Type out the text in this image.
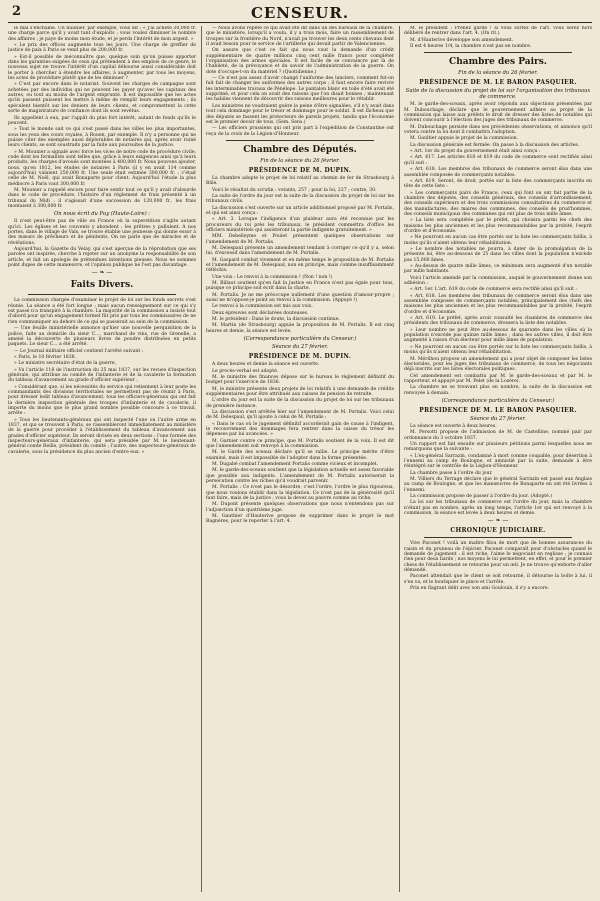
2	CENSEUR.

le mal s'enchaîne. Un huissier, par exemple, vous dit : « J'ai acheté 30,000 fr. une charge parce qu'il y avait tant d'exploits ; vous voulez diminuer le nombre des affaires ; je paye de moins mon étude, et je perds l'intérêt de mon argent. »

« Le prix des offices augmente tous les jours. Une charge de greffier de justice de paix à Paris se vend plus de 200,000 fr.

» Est-il possible de méconnaître que, quelque soin qu'on puisse apporter dans les garanties exigées de ceux qui prétendent à des emplois de ce genre, le nouveau sujet ne trouve l'intérêt d'un capital débourse aussi considérable doit le porter à chercher à étendre les affaires, à augmenter, par tous les moyens, les actes de procédure plutôt que de les diminuer ?

» C'est par encore dans le notariat. Souvent les charges de campagne sont achetées par des individus qui ne peuvent les payer qu'avec les capitaux des autres, ou tout au moins de l'argent emprunté. Il est impossible que les actes qu'ils passent puissent les mettre à même de remplir leurs engagements ; ils spéculent bientôt sur les deniers de leurs clients, et compromettent la cette sorte de magistrature de confiance dont ils sont revêtus.

Ils appellent à eux, par l'appât du plus fort intérêt, autant de fonds qu'ils le peuvent.

» Tout le monde sait ce qui s'est passé dans les villes les plus importantes, sous les yeux des cours royales, à Rouen, par exemple. Il n'y a personne qui ne puisse citer des exemples aussi déplorables de notaires qui, après avoir ruiné leurs clients, se sont soustraits par la fuite aux poursuites de la justice.

» M. Mounier a signalé avec force les vices de notre code de procédure civile, code dont les formalités sont telles que, grâce à leurs exigences ainsi qu'à leurs produits, les charges d'avoués sont montées à 400,000 fr. Nous pouvons ajouter, nous, qu'en 1812, les études de notaires à Paris (il y en avait 114 comme aujourd'hui) valaient 250,000 fr. Une seule était estimée 300,000 fr. ; c'était celle de M. Noël, qui avait Bonaparte pour client. Aujourd'hui l'étude la plus médiocre à Paris vaut 300,000 fr.

M. Mounier a rappelé encore pour faire sentir tout ce qu'il y avait d'absurde dans le code de procédure, l'histoire d'un règlement de frais présenté à un tribunal du Midi : il s'agissait d'une succession de 120,000 fr., les frais montaient à 300,000 fr.

On nous écrit du Puy (Haute-Loire) :

Il n'est peut-être pas de ville en France où la superstition s'agite autant qu'ici. Les églises et les couvents y abondent ; les prêtres y pullulent. A nos portes, dans le village de Vals, se trouve établie une jeunesse qui donne essor à des mœurs de prêcheurs et de pénitents. On ne parle que de miracles et de révélations.

Aujourd'hui, la Gazette du Velay, qui s'est aperçue de la réprobation que ses paroles ont inspirée, cherche à rejeter sur un anonyme la responsabilité de son article, et fait un apologie de prétendues intentions pieuses. Nous ne sommes point dupes de cette manœuvre, et l'opinion publique ne l'est pas davantage.

— ❧ —
Faits Divers.

La commission chargée d'examiner le projet de loi sur les fonds secrets s'est réunie. La séance a été fort longue ; mais aucun renseignement sur ce qui s'y est passé n'a transpiré à la chambre. La majorité de la commission a insisté tout d'abord pour qu'un engagement formel fût pris par tous les commissaires de ne rien communiquer au dehors de ce qui se passerait au sein de la commission.

— Une feuille ministérielle annonce qu'hier une nouvelle perquisition de la police, faite au domicile du sieur C..., marchand de vins, rue de Grenelle, a amené la découverte de plusieurs livres de poudre distribuées en petits paquets. Le sieur C... a été arrêté.

— Le Journal militaire officiel contient l'arrêté suivant :

« Paris, le 10 février 1838.

» Le ministre secrétaire d'état de la guerre,

» Vu l'article 118 de l'instruction du 25 mai 1837, sur les revues d'inspection générale, qui attribue au comité de l'infanterie et de la cavalerie la formation du tableau d'avancement au grade d'officier supérieur ;

» Considérant que, si les nécessités du service qui retiennent à leur poste les commandants des divisions territoriales ne permettent pas de réunir à Paris, pour dresser ledit tableau d'avancement, tous les officiers-généraux qui ont fait la dernière inspection générale des troupes d'infanterie et de cavalerie, il importe du moins que le plus grand nombre possible concoure à ce travail, arrête :

» Tous les lieutenants-généraux qui ont inspecté l'une ou l'autre arme en 1837, et qui se trouvent à Paris, se rassembleront immédiatement au ministère de la guerre pour procéder à l'établissement du tableau d'avancement aux grades d'officier supérieur. Ils seront divisés en deux sections : l'une formée des inspecteurs-généraux d'infanterie, qui sera présidée par M. le lieutenant-général comte Reille, président du comité ; l'autre, des inspecteurs-généraux de cavalerie, sous la présidence du plus ancien d'entre eux. »

— Nous avons répété ce qui avait été dit dans un des bureaux de la chambre, que le ministère, lorsqu'il a voulu, il y a trois mois, faire un rassemblement de troupes sur la frontière du Nord, n'avait pu trouver les deux cents chevaux dont il avait besoin pour le service de l'artillerie qui devait partir de Valenciennes.

On assure que c'est ce fait qui nous vaut la demande d'un crédit supplémentaire de quatre millions cinq cent mille francs pour compléter l'organisation des armes spéciales. Il est facile de se convaincre par là de l'habileté, de la prévoyance et du savoir de l'administration de la guerre. On dote d'occupe-t-on du matériel ? (Quotidienne.)

— Ce n'est pas assez d'avoir changé l'uniforme des lanciers, comment fut-on fait fait de changer les uniformes des autres corps ; il faut encore faire revivre les interminables travaux de Pénélope. Le pantalon blanc en toile d'été avait été supprimé, et pour cela on avait des raisons que l'on disait bonnes ; maintenant les habiles viennent de découvrir des raisons meilleures pour le rétablir.

Les ministres ne voudraient guère la peine d'être signalées, s'il n'y avait dans tout cela dommage pour le trésor et dommage pour le soldat. Il est fâcheux que des députés se fassent les protecteurs de pareils projets, tandis que l'économie est le premier devoir de tous. (Sem. Sens.)

— Les officiers prussiens qui ont pris part à l'expédition de Constantine ont reçu de la croix de la Légion-d'Honneur.

Chambre des Députés.
Fin de la séance du 26 février.
PRÉSIDENCE DE M. DUPIN.

La chambre adopte le projet de loi relatif au chemin de fer de Strasbourg à Bâle.

Voici le résultat du scrutin : votants, 257 ; pour la loi, 227 ; contre, 30.

La suite de l'ordre du jour est la suite de la discussion du projet de loi sur les tribunaux civils.

La discussion s'est ouverte sur un article additionnel proposé par M. Portalis, et qui est ainsi conçu :

« Art. 3. Lorsque l'indigence d'un plaideur aura été reconnue par les procureurs du roi près les tribunaux, le président commettra d'office les officiers ministériels qui assisteront la partie indigente gratuitement. »

MM. Debelleyme et Poulet présentent quelques observations sur l'amendement de M. Portalis.

M. Delespaul présente un amendement tendant à corriger ce qu'il y a, selon lui, d'excessif dans l'amendement de M. Portalis.

M. Gaspard combat vivement et en même temps le proposition de M. Portalis et l'amendement de M. Delespaul, non en principe, mais comme insuffisamment réfléchis.

Une voix : Le renvoi à la commission ! (Non ! non !)

M. Billaut soutient qu'en fait la justice en France n'est pas égale pour tous, puisque ce principe soit écrit dans la charte.

M. Portalis. Je ne me préoccupe nullement d'une question d'amour-propre ; aussi ne m'oppose-je point au renvoi à la commission. (Appuyé !)

Le renvoi à la commission est mis aux voix.

Deux épreuves sont déclarées douteuses.

M. le président : Dans le doute, la discussion continue.

M. Martin (de Strasbourg) appuie la proposition de M. Portalis. Il est cinq heures et demie, la séance est levée.

(Correspondance particulière du Censeur.)
Séance du 27 février.
PRÉSIDENCE DE M. DUPIN.

A deux heures et demie la séance est ouverte.

Le procès-verbal est adopté.

M. le ministre des finances dépose sur le bureau le règlement définitif du budget pour l'exercice de 1836.

M. le ministre présente deux projets de loi relatifs à une demande de crédits supplémentaires pour être attribués aux caisses de pension de retraite.

L'ordre du jour est la suite de la discussion du projet de loi sur les tribunaux de première instance.

La discussion s'est arrêtée hier sur l'amendement de M. Portalis. Voici celui de M. Delespaul, qu'il ajoute à celui de M. Portalis :

« Dans le cas où le jugement définitif accorderait gain de cause à l'indigent, le recouvrement des dommages fera rentrer dans la caisse du trésor les dépenses par lui avancées. »

M. Garnier contre ce principe, que M. Portalis soutient de la voix. Il est dit que l'amendement soit renvoyé à la commission.

M. le Garde des sceaux déclare qu'il se rallie. Le principe mérite d'être examiné, mais il est impossible de l'adopter dans la forme présentée.

M. Dugabé combat l'amendement Portalis comme vicieux et incomplet.

M. le garde-des-sceaux soutient que la législation actuelle est assez favorable que possible aux indigents. L'amendement de M. Portalis autoriserait la persécution contre les riches qu'il voudrait parvenir.

M. Portalis : Ce n'est pas le désordre, c'est l'ordre, l'ordre le plus rigoureux, que nous voulons établir dans la législation. Ce n'est pas de la générosité qu'il faut faire, mais de la justice ; vous la devez au pauvre comme au riche.

M. Dupont présente quelques observations que nous n'entendons pas sur l'adjonction d'un quatrième juge.

M. Gauthier d'Hauterive propose de supprimer dans le projet le mot Bagnères, pour le reporter à l'art. 4.

M. le président : Prenez garde ! si vous sortez de l'art. vous serez hors délibéré de rentrer dans l'art. 4. (On rit.)

M. d'Hauterive développe son amendement.

Il est 4 heures 1/4, la chambre n'est pas en nombre.

Chambre des Pairs.
Fin de la séance du 26 février.
PRÉSIDENCE DE M. LE BARON PASQUIER.
Suite de la discussion du projet de loi sur l'organisation des tribunaux de commerce.

M. le garde-des-sceaux, après avoir répondu aux objections présentées par M. Dubouchage, déclare que le gouvernement adhère au projet de la commission qui laisse aux préfets le droit de dresser des listes de notables qui doivent concourir à l'élection des juges des tribunaux de commerce.

M. Dubouchage persiste dans ses précédentes observations, et annonce qu'il votera contre la loi dont il combattra l'adoption.

M. Gaultier appuie le projet de la commission.

La discussion générale est fermée. On passe à la discussion des articles.

« Art. 1er du projet du gouvernement était ainsi conçu :

« Art. 617. Les articles 618 et 619 du code de commerce sont rectifiés ainsi qu'il suit :

« Art. 618. Les membres des tribunaux de commerce seront élus dans une assemblée composée de commerçants notables.

« Art. 619. Seront, de droit, portés sur la liste des commerçants inscrits en tête de cette liste :

» Les commerçants pairs de France, ceux qui font ou ont fait partie de la chambre des députés, des conseils généraux, des conseils d'arrondissement, des conseils supérieurs et des trois commissions consultatives du commerce et des manufactures, des maires des communes, des conseils de prud'hommes, des conseils municipaux des communes qui ont plus de trois mille âmes.

» La liste sera complétée par le préfet, qui choisira parmi les chefs des maisons les plus anciennes et les plus recommandables par la probité, l'esprit d'ordre et d'économie.

» Ne pourront en aucun cas être portés sur la liste les commerçants faillis, à moins qu'ils n'aient obtenu leur réhabilitation.

» Le nombre des notables ne pourra, à dater de la promulgation de la présente loi, être au-dessous de 25 dans les villes dont la population n'excède pas 15,000 âmes.

» Au-dessus de quatre mille âmes, ce minimum sera augmenté d'un notable par mille habitants.

Voici l'article amendé par la commission, auquel le gouvernement donne son adhésion :

« Art. 1er. L'art. 619 du code de commerce sera rectifié ainsi qu'il suit :

« Art. 618. Les membres des tribunaux de commerce seront élus dans une assemblée composée de commerçants notables, principalement des chefs des maisons les plus anciennes et les plus recommandables par la probité, l'esprit d'ordre et d'économie.

« Art. 619. Le préfet, après avoir consulté les chambres de commerce des présidents des tribunaux de commerce, dressera la liste des notables.

» Leur nombre ne peut être au-dessous de quarante dans les villes où la population n'excède pas quinze mille âmes ; dans les autres villes, il doit être augmenté à raison d'un électeur pour mille âmes de population.

» Ne pourront en aucun cas être portés sur la liste les commerçants faillis, à moins qu'ils n'aient obtenu leur réhabilitation.

M. Mérilhou propose un amendement qui a pour objet de composer les listes électorales, pour les juges des tribunaux de commerce, de tous les négociants déjà inscrits sur les listes électorales politiques.

Cet amendement est combattu par M. le garde-des-sceaux et par M. le rapporteur, et appuyé par M. Pelet (de la Lozère).

La chambre ne se trouvant plus en nombre, la suite de la discussion est renvoyée à demain.

(Correspondance particulière du Censeur.)
PRÉSIDENCE DE M. LE BARON PASQUIER.
Séance du 27 février.

La séance est ouverte à deux heures.

M. Persotti propose de l'admission de M. de Castelline, nommé pair par ordonnance du 3 octobre 1837.

Un rapport est fait ensuite sur plusieurs pétitions parmi lesquelles nous ne remarquons que la suivante :

« L'ex-général Sarrazin, condamné à mort comme coupable, pour désertion à l'ennemi au camp de Boulogne, et amnistié par la suite, demande à être réintégré sur le contrôle de la Légion-d'Honneur.

La chambre passe à l'ordre du jour.

M. Villiers du Terrage déclare que le général Sarrazin est passé aux Anglais au camp de Boulogne, et que les manœuvres de Bonaparte en ont été livrées à l'ennemi.

La commission propose de passer à l'ordre du jour. (Adopté.)

La loi sur les tribunaux de commerce est l'ordre du jour, mais la chambre n'étant pas en nombre, après un long temps, l'article 1er qui est renvoyé à la commission, la séance est levée à deux heures et demie.

— ❧ —
CHRONIQUE JUDICIAIRE.

Vive Paconet ! voilà un maître filou de mort que de bonnes assurances du raisin et du pruneau de l'épicier. Paconet comparaît pour d'obstacles quand le demande de jugement : il est riche, l'aime le négociant en reglisse ; je connais rien pour deux liards ; nos moyens le lui permettent, en effet, et pour le premier chess de l'établissement se retourne pour un œil. Je ne trouve qu'enhorte d'aller démandé.

Paconet attendait que le client se soit retourné, il détourne la boîte à lui, il s'en va, et le boutiquier le pince et l'arrête.

Prix en flagrant délit avec son ami Goulouin, il s'y a encore.
